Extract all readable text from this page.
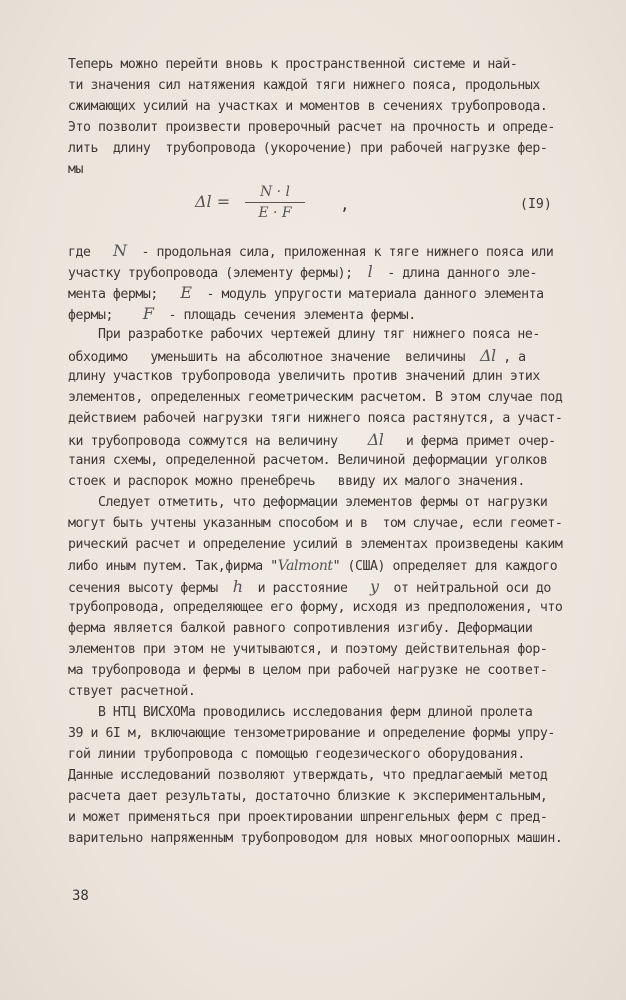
Теперь можно перейти вновь к пространственной системе и най-
ти значения сил натяжения каждой тяги нижнего пояса, продольных
сжимающих усилий на участках и моментов в сечениях трубопровода.
Это позволит произвести проверочный расчет на прочность и опреде-
лить  длину  трубопровода (укорочение) при рабочей нагрузке фер-
мы
Δl =	N · l
E · F	,	(I9)
где   N  - продольная сила, приложенная к тяге нижнего пояса или
участку трубопровода (элементу фермы);  l  - длина данного эле-
мента фермы;   E  - модуль упругости материала данного элемента
фермы;    F  - площадь сечения элемента фермы.
При разработке рабочих чертежей длину тяг нижнего пояса не-
обходимо   уменьшить на абсолютное значение  величины  Δl , а
длину участков трубопровода увеличить против значений длин этих
элементов, определенных геометрическим расчетом. В этом случае под
действием рабочей нагрузки тяги нижнего пояса растянутся, а участ-
ки трубопровода сожмутся на величину    Δl   и ферма примет очер-
тания схемы, определенной расчетом. Величиной деформации уголков
стоек и распорок можно пренебречь   ввиду их малого значения.
Следует отметить, что деформации элементов фермы от нагрузки
могут быть учтены указанным способом и в  том случае, если геомет-
рический расчет и определение усилий в элементах произведены каким
либо иным путем. Так,фирма "Valmont" (США) определяет для каждого
сечения высоту фермы  h  и расстояние   y  от нейтральной оси до
трубопровода, определяющее его форму, исходя из предположения, что
ферма является балкой равного сопротивления изгибу. Деформации
элементов при этом не учитываются, и поэтому действительная фор-
ма трубопровода и фермы в целом при рабочей нагрузке не соответ-
ствует расчетной.
В НТЦ ВИСХОМа проводились исследования ферм длиной пролета
39 и 6I м, включающие тензометрирование и определение формы упру-
гой линии трубопровода с помощью геодезического оборудования.
Данные исследований позволяют утверждать, что предлагаемый метод
расчета дает результаты, достаточно близкие к экспериментальным,
и может применяться при проектировании шпренгельных ферм с пред-
варительно напряженным трубопроводом для новых многоопорных машин.
38
